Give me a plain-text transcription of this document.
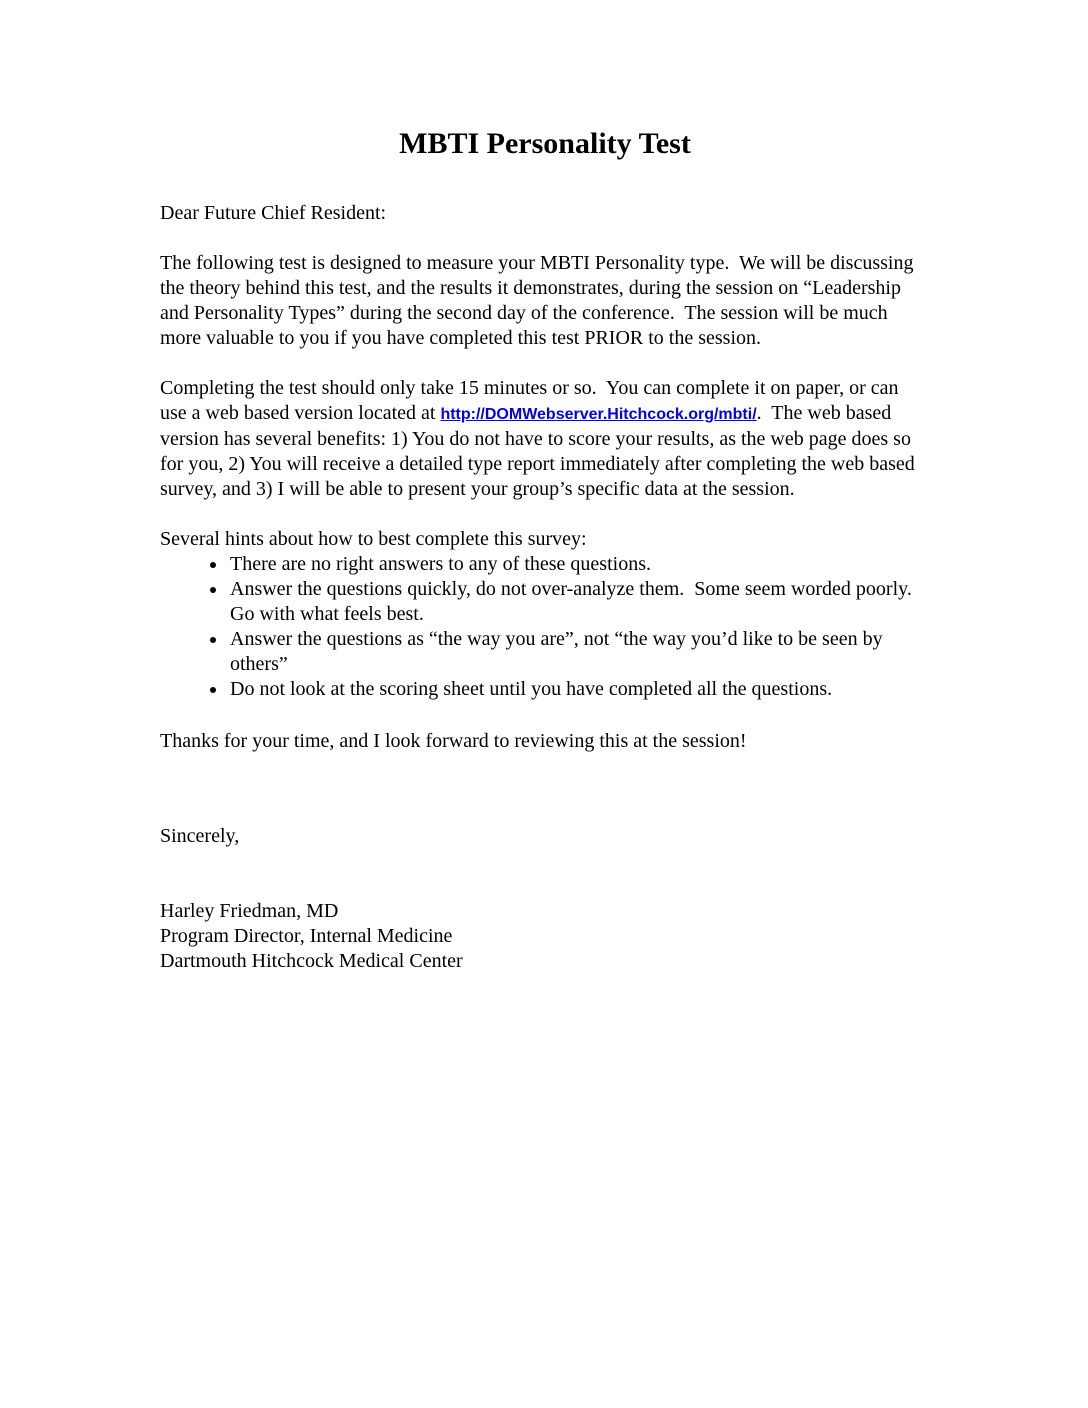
MBTI Personality Test

Dear Future Chief Resident:

The following test is designed to measure your MBTI Personality type.  We will be discussing the theory behind this test, and the results it demonstrates, during the session on “Leadership and Personality Types” during the second day of the conference.  The session will be much more valuable to you if you have completed this test PRIOR to the session.

Completing the test should only take 15 minutes or so.  You can complete it on paper, or can use a web based version located at http://DOMWebserver.Hitchcock.org/mbti/.  The web based version has several benefits: 1) You do not have to score your results, as the web page does so for you, 2) You will receive a detailed type report immediately after completing the web based survey, and 3) I will be able to present your group’s specific data at the session.

Several hints about how to best complete this survey:

• There are no right answers to any of these questions.
• Answer the questions quickly, do not over-analyze them.  Some seem worded poorly.  Go with what feels best.
• Answer the questions as “the way you are”, not “the way you’d like to be seen by others”
• Do not look at the scoring sheet until you have completed all the questions.

Thanks for your time, and I look forward to reviewing this at the session!

Sincerely,

Harley Friedman, MD

Program Director, Internal Medicine

Dartmouth Hitchcock Medical Center
